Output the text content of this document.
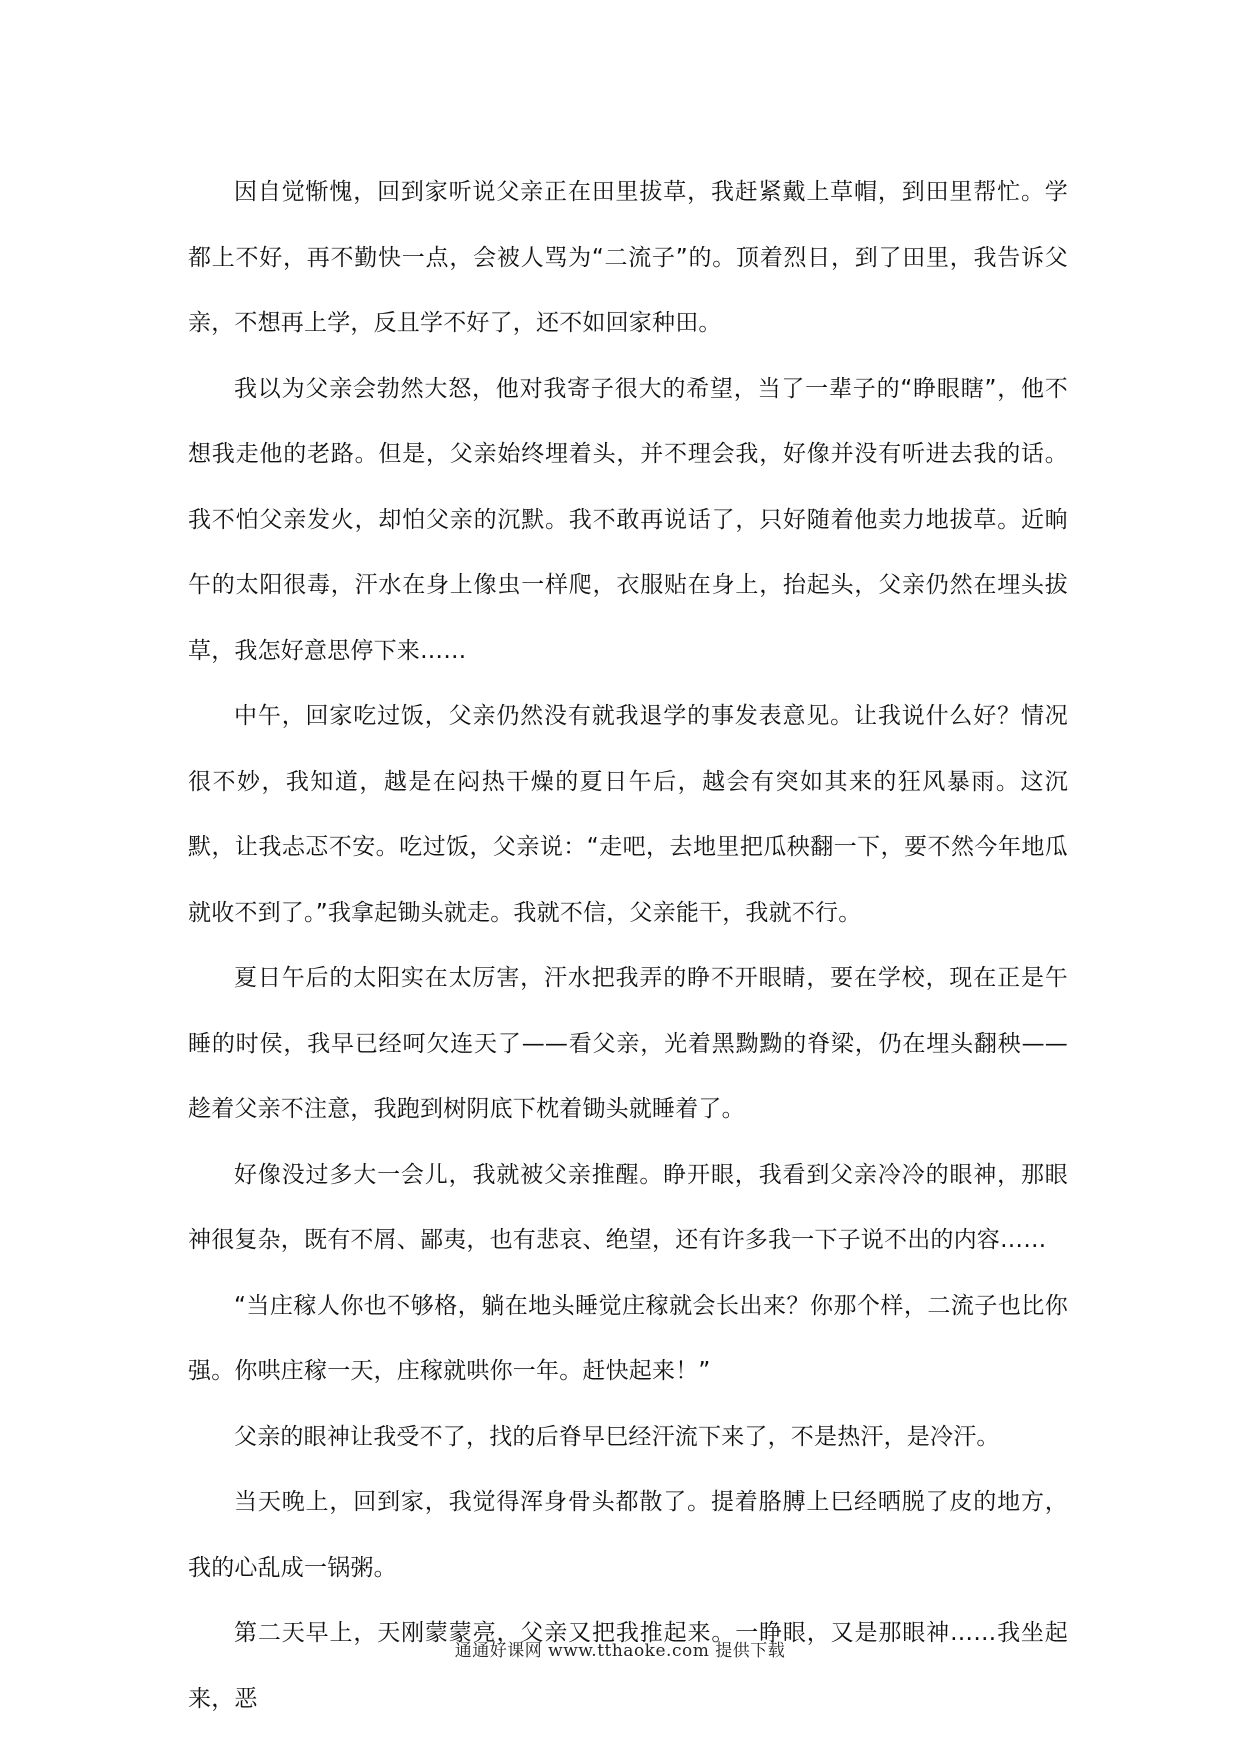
因自觉惭愧，回到家听说父亲正在田里拔草，我赶紧戴上草帽，到田里帮忙。学都上不好，再不勤快一点，会被人骂为“二流子”的。顶着烈日，到了田里，我告诉父亲，不想再上学，反且学不好了，还不如回家种田。

我以为父亲会勃然大怒，他对我寄子很大的希望，当了一辈子的“睁眼瞎”，他不想我走他的老路。但是，父亲始终埋着头，并不理会我，好像并没有听进去我的话。我不怕父亲发火，却怕父亲的沉默。我不敢再说话了，只好随着他卖力地拔草。近晌午的太阳很毒，汗水在身上像虫一样爬，衣服贴在身上，抬起头，父亲仍然在埋头拔草，我怎好意思停下来……

中午，回家吃过饭，父亲仍然没有就我退学的事发表意见。让我说什么好？情况很不妙，我知道，越是在闷热干燥的夏日午后，越会有突如其来的狂风暴雨。这沉默，让我忐忑不安。吃过饭，父亲说：“走吧，去地里把瓜秧翻一下，要不然今年地瓜就收不到了。”我拿起锄头就走。我就不信，父亲能干，我就不行。

夏日午后的太阳实在太厉害，汗水把我弄的睁不开眼睛，要在学校，现在正是午睡的时侯，我早已经呵欠连天了——看父亲，光着黑黝黝的脊梁，仍在埋头翻秧——趁着父亲不注意，我跑到树阴底下枕着锄头就睡着了。

好像没过多大一会儿，我就被父亲推醒。睁开眼，我看到父亲冷冷的眼神，那眼神很复杂，既有不屑、鄙夷，也有悲哀、绝望，还有许多我一下子说不出的内容……

“当庄稼人你也不够格，躺在地头睡觉庄稼就会长出来？你那个样，二流子也比你强。你哄庄稼一天，庄稼就哄你一年。赶快起来！”

父亲的眼神让我受不了，找的后脊早巳经汗流下来了，不是热汗，是冷汗。

当天晚上，回到家，我觉得浑身骨头都散了。提着胳膊上巳经晒脱了皮的地方，我的心乱成一锅粥。

第二天早上，天刚蒙蒙亮，父亲又把我推起来。一睁眼，又是那眼神……我坐起来，恶

通通好课网 www.tthaoke.com 提供下载
